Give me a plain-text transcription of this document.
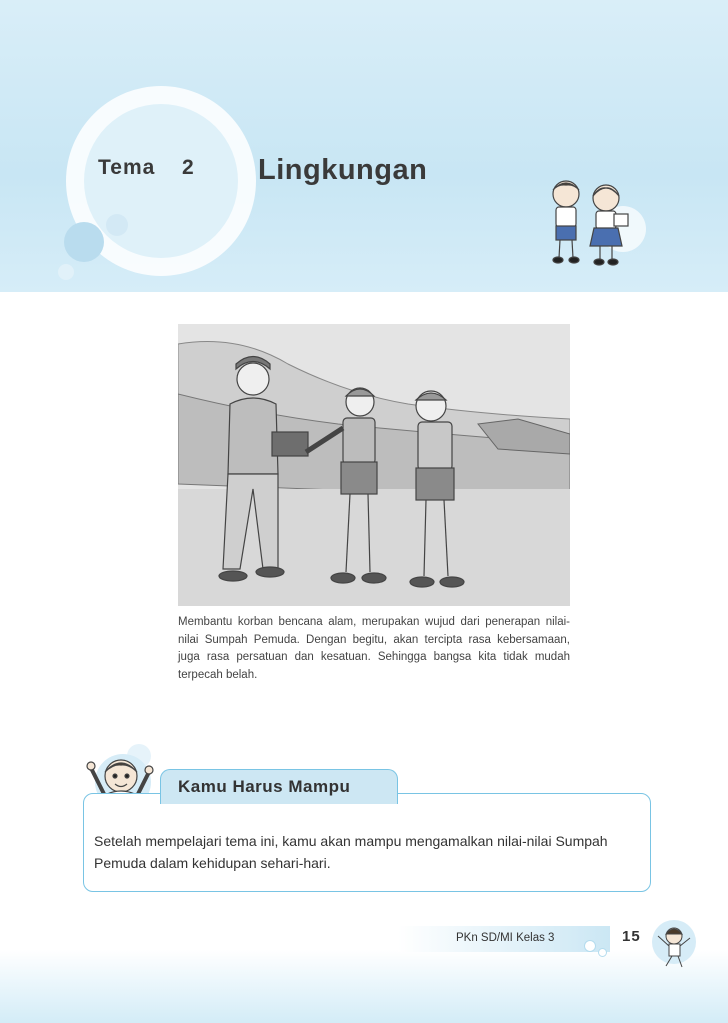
Tema 2 Lingkungan
Membantu korban bencana alam, merupakan wujud dari penerapan nilai-nilai Sumpah Pemuda. Dengan begitu, akan tercipta rasa kebersamaan, juga rasa persatuan dan kesatuan. Sehingga bangsa kita tidak mudah terpecah belah.
Kamu Harus Mampu
Setelah mempelajari tema ini, kamu akan mampu mengamalkan nilai-nilai Sumpah Pemuda dalam kehidupan sehari-hari.
PKn SD/MI Kelas 3	15
